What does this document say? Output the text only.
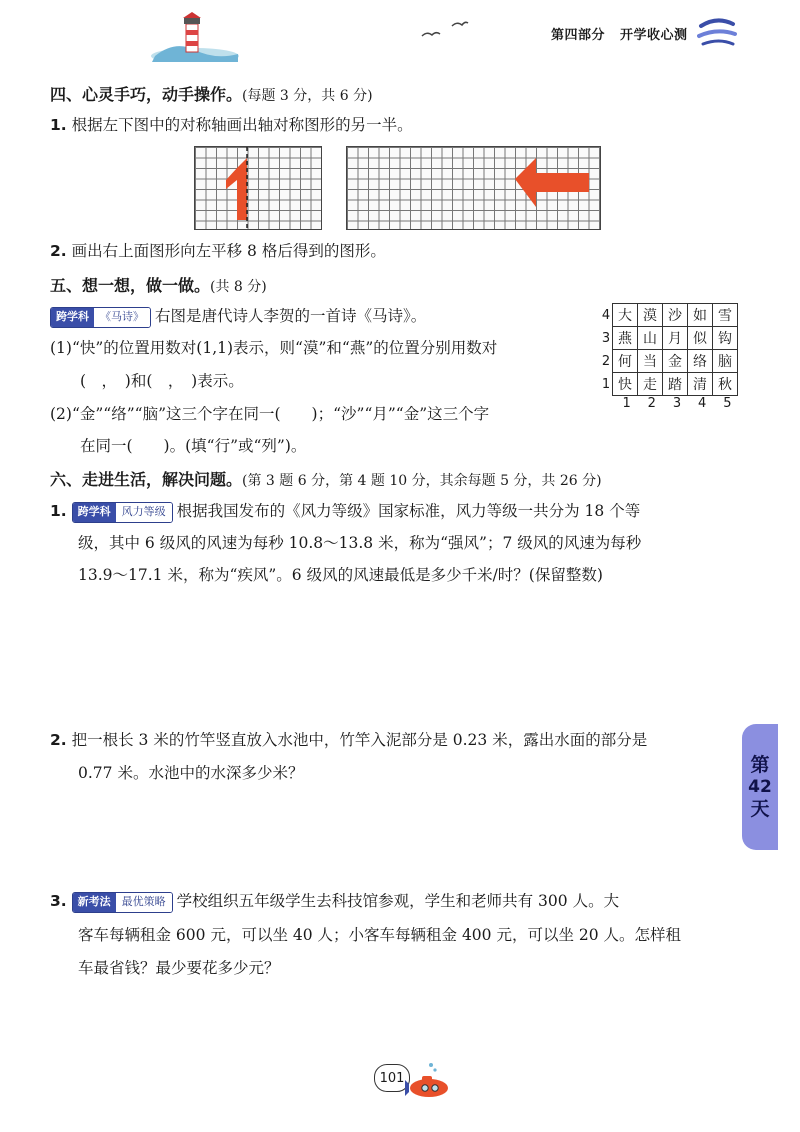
第四部分 开学收心测
四、心灵手巧，动手操作。(每题 3 分，共 6 分)
1. 根据左下图中的对称轴画出轴对称图形的另一半。
2. 画出右上面图形向左平移 8 格后得到的图形。
五、想一想，做一做。(共 8 分)
跨学科	《马诗》 右图是唐代诗人李贺的一首诗《马诗》。
(1)“快”的位置用数对(1,1)表示，则“漠”和“燕”的位置分别用数对
(　，　)和(　，　)表示。
(2)“金”“络”“脑”这三个字在同一(　　)；“沙”“月”“金”这三个字
在同一(　　)。(填“行”或“列”)。
4	大	漠	沙	如	雪
3	燕	山	月	似	钩
2	何	当	金	络	脑
1	快	走	踏	清	秋
1	2	3	4	5
六、走进生活，解决问题。(第 3 题 6 分，第 4 题 10 分，其余每题 5 分，共 26 分)
1. 跨学科	风力等级 根据我国发布的《风力等级》国家标准，风力等级一共分为 18 个等
级，其中 6 级风的风速为每秒 10.8～13.8 米，称为“强风”；7 级风的风速为每秒
13.9～17.1 米，称为“疾风”。6 级风的风速最低是多少千米/时？(保留整数)
2. 把一根长 3 米的竹竿竖直放入水池中，竹竿入泥部分是 0.23 米，露出水面的部分是
0.77 米。水池中的水深多少米？
3. 新考法	最优策略 学校组织五年级学生去科技馆参观，学生和老师共有 300 人。大
客车每辆租金 600 元，可以坐 40 人；小客车每辆租金 400 元，可以坐 20 人。怎样租
车最省钱？最少要花多少元？
第
42
天
101
